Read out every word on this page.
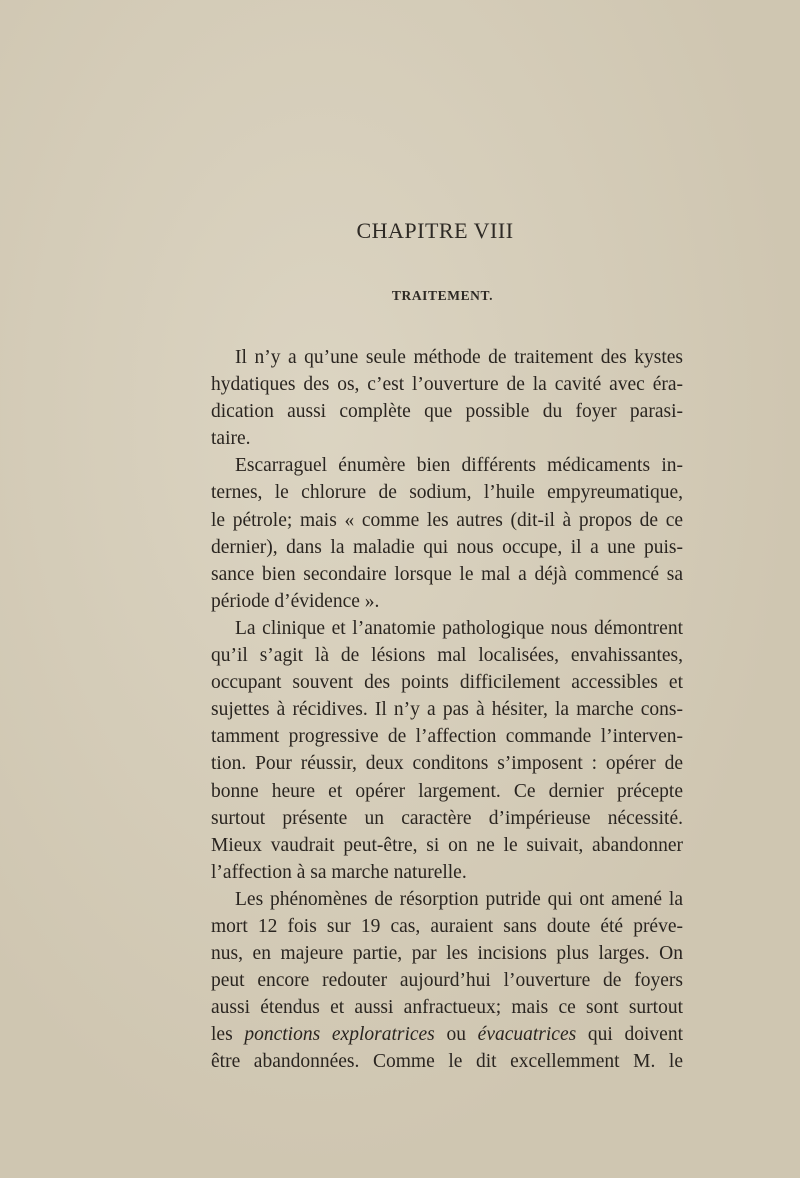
CHAPITRE VIII
TRAITEMENT.

Il n’y a qu’une seule méthode de traitement des kystes
hydatiques des os, c’est l’ouverture de la cavité avec éra-
dication aussi complète que possible du foyer parasi-
taire.

Escarraguel énumère bien différents médicaments in-
ternes, le chlorure de sodium, l’huile empyreumatique,
le pétrole; mais « comme les autres (dit-il à propos de ce
dernier), dans la maladie qui nous occupe, il a une puis-
sance bien secondaire lorsque le mal a déjà commencé sa
période d’évidence ».

La clinique et l’anatomie pathologique nous démontrent
qu’il s’agit là de lésions mal localisées, envahissantes,
occupant souvent des points difficilement accessibles et
sujettes à récidives. Il n’y a pas à hésiter, la marche cons-
tamment progressive de l’affection commande l’interven-
tion. Pour réussir, deux conditons s’imposent : opérer de
bonne heure et opérer largement. Ce dernier précepte
surtout présente un caractère d’impérieuse nécessité.
Mieux vaudrait peut-être, si on ne le suivait, abandonner
l’affection à sa marche naturelle.

Les phénomènes de résorption putride qui ont amené la
mort 12 fois sur 19 cas, auraient sans doute été préve-
nus, en majeure partie, par les incisions plus larges. On
peut encore redouter aujourd’hui l’ouverture de foyers
aussi étendus et aussi anfractueux; mais ce sont surtout
les ponctions exploratrices ou évacuatrices qui doivent
être abandonnées. Comme le dit excellemment M. le
